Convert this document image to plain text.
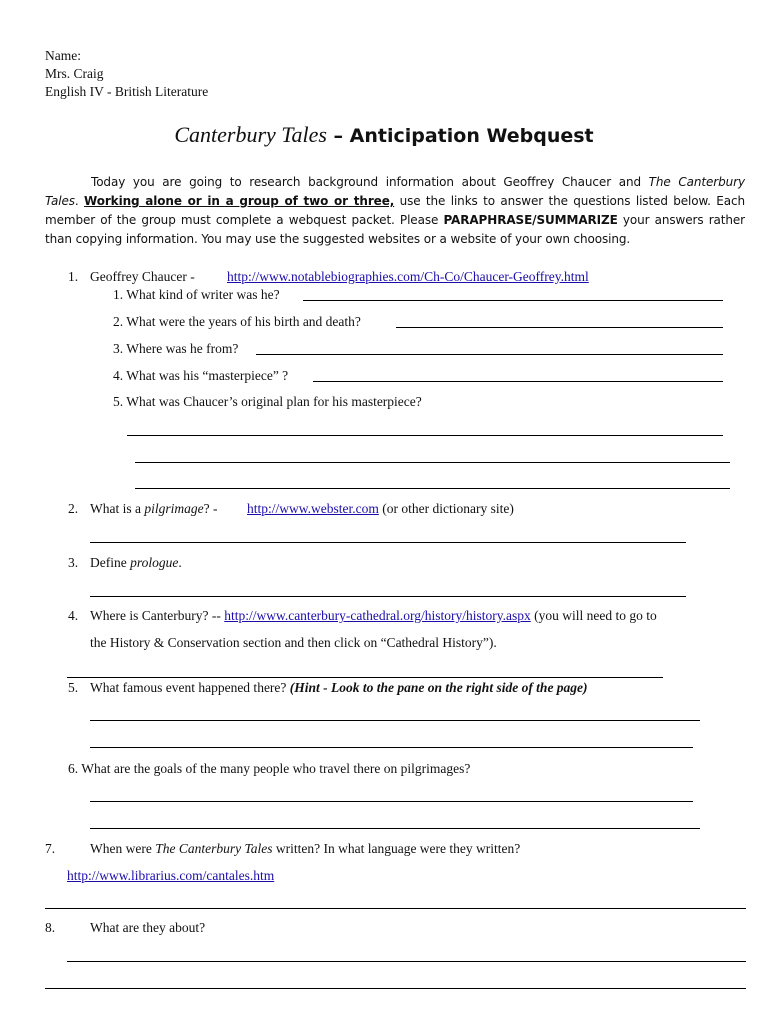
Name:
Mrs. Craig
English IV - British Literature
Canterbury Tales – Anticipation Webquest
Today you are going to research background information about Geoffrey Chaucer and The Canterbury
Tales. Working alone or in a group of two or three, use the links to answer the questions listed below. Each
member of the group must complete a webquest packet. Please PARAPHRASE/SUMMARIZE your answers rather
than copying information. You may use the suggested websites or a website of your own choosing.
1. Geoffrey Chaucer - http://www.notablebiographies.com/Ch-Co/Chaucer-Geoffrey.html
1. What kind of writer was he?
2. What were the years of his birth and death?
3. Where was he from?
4. What was his “masterpiece” ?
5. What was Chaucer’s original plan for his masterpiece?
2. What is a pilgrimage? - http://www.webster.com (or other dictionary site)
3. Define prologue.
4. Where is Canterbury? -- http://www.canterbury-cathedral.org/history/history.aspx (you will need to go to
the History & Conservation section and then click on “Cathedral History”).
5. What famous event happened there? (Hint - Look to the pane on the right side of the page)
6. What are the goals of the many people who travel there on pilgrimages?
7.	When were The Canterbury Tales written? In what language were they written?
http://www.librarius.com/cantales.htm
8.	What are they about?
